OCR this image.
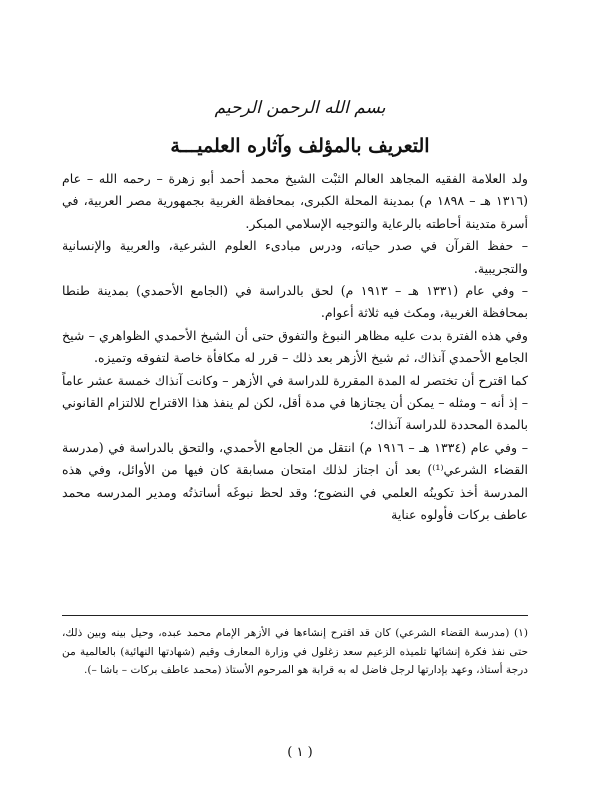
بسم الله الرحمن الرحيم
التعريف بالمؤلف وآثاره العلميـــة

ولد العلامة الفقيه المجاهد العالم الثبْت الشيخ محمد أحمد أبو زهرة – رحمه الله – عام (١٣١٦ هـ – ١٨٩٨ م) بمدينة المحلة الكبرى، بمحافظة الغربية بجمهورية مصر العربية، في أسرة متدينة أحاطته بالرعاية والتوجيه الإسلامي المبكر.

– حفظ القرآن في صدر حياته، ودرس مبادىء العلوم الشرعية، والعربية والإنسانية والتجريبية.

– وفي عام (١٣٣١ هـ – ١٩١٣ م) لحق بالدراسة في (الجامع الأحمدي) بمدينة طنطا بمحافظة الغربية، ومكث فيه ثلاثة أعوام.

وفي هذه الفترة بدت عليه مظاهر النبوغ والتفوق حتى أن الشيخ الأحمدي الظواهري – شيخ الجامع الأحمدي آنذاك، ثم شيخ الأزهر بعد ذلك – قرر له مكافأة خاصة لتفوقه وتميزه.

كما اقترح أن تختصر له المدة المقررة للدراسة في الأزهر – وكانت آنذاك خمسة عشر عاماً – إذ أنه – ومثله – يمكن أن يجتازها في مدة أقل، لكن لم ينفذ هذا الاقتراح للالتزام القانوني بالمدة المحددة للدراسة آنذاك؛

– وفي عام (١٣٣٤ هـ – ١٩١٦ م) انتقل من الجامع الأحمدي، والتحق بالدراسة في (مدرسة القضاء الشرعي⁽¹⁾) بعد أن اجتاز لذلك امتحان مسابقة كان فيها من الأوائل، وفي هذه المدرسة أخذ تكوينُه العلمي في النضوج؛ وقد لحظ نبوغَه أساتذتُه ومدير المدرسه محمد عاطف بركات فأولوه عناية

(١) (مدرسة القضاء الشرعي) كان قد اقترح إنشاءها في الأزهر الإمام محمد عبده، وحيل بينه وبين ذلك، حتى نفذ فكرة إنشائها تلميذه الزعيم سعد زغلول في وزارة المعارف وقيم (شهادتها النهائية) بالعالمية من درجة أستاذ، وعهد بإدارتها لرجل فاضل له به قرابة هو المرحوم الأستاذ (محمد عاطف بركات – باشا –).

( ١ )
